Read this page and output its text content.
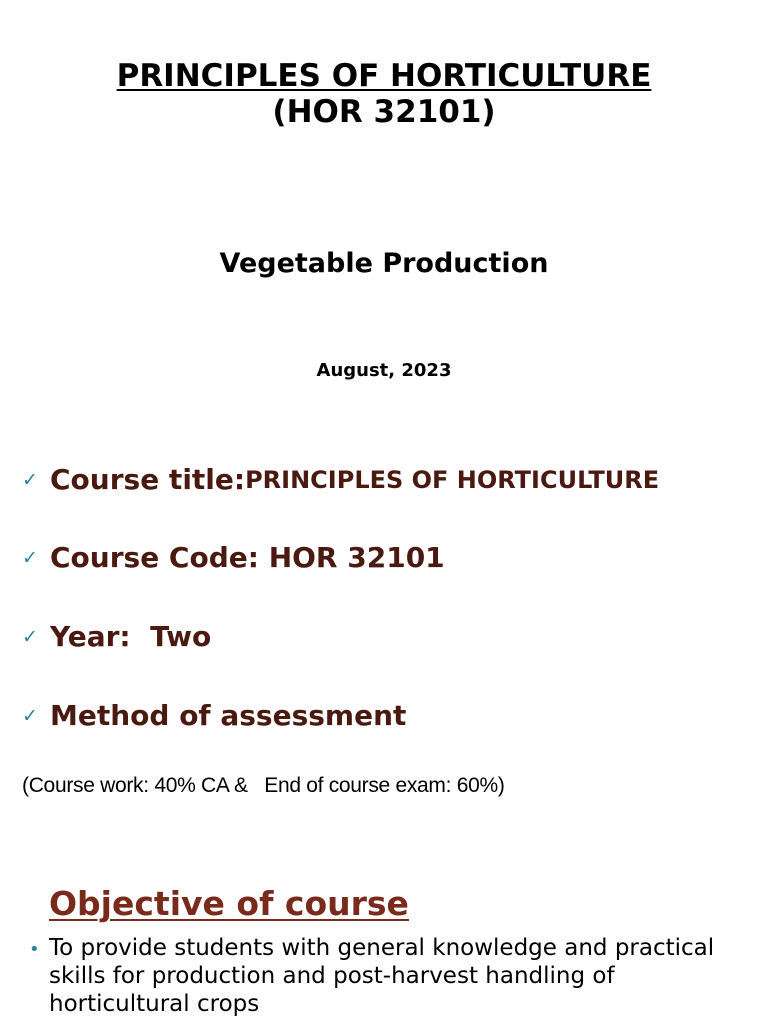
PRINCIPLES OF HORTICULTURE
(HOR 32101)
Vegetable Production
August, 2023
✓ Course title: PRINCIPLES OF HORTICULTURE
✓ Course Code: HOR 32101
✓ Year:  Two
✓ Method of assessment
(Course work: 40% CA &   End of course exam: 60%)
Objective of course
• To provide students with general knowledge and practical skills for production and post-harvest handling of horticultural crops
